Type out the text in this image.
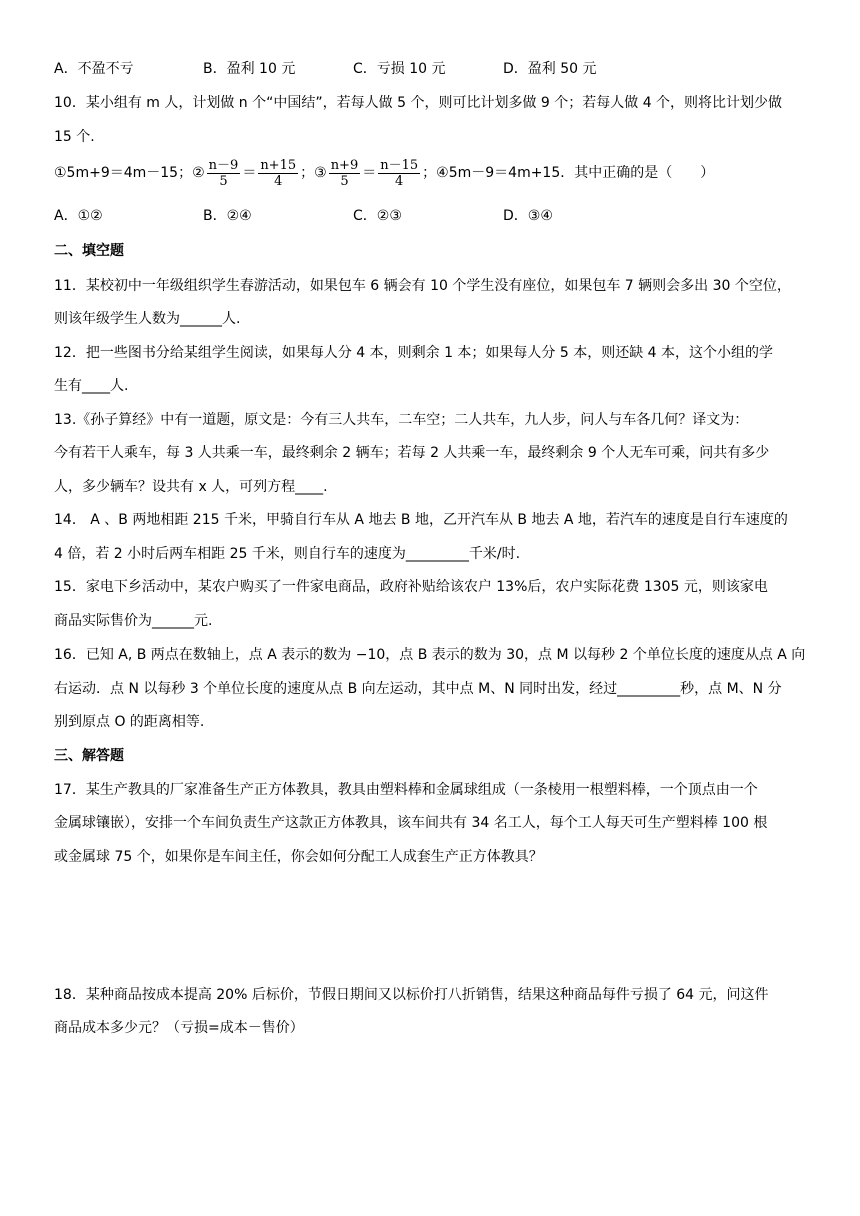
A．不盈不亏	B．盈利 10 元	C．亏损 10 元	D．盈利 50 元
10．某小组有 m 人，计划做 n 个“中国结”，若每人做 5 个，则可比计划多做 9 个；若每人做 4 个，则将比计划少做
15 个.
①5m+9＝4m－15；② $\frac{n-9}{5} = \frac{n+15}{4}$ ；③ $\frac{n+9}{5} = \frac{n-15}{4}$ ；④5m－9＝4m+15．其中正确的是（　　）
A．①②	B．②④	C．②③	D．③④
二、填空题
11．某校初中一年级组织学生春游活动，如果包车 6 辆会有 10 个学生没有座位，如果包车 7 辆则会多出 30 个空位，
则该年级学生人数为______人.
12．把一些图书分给某组学生阅读，如果每人分 4 本，则剩余 1 本；如果每人分 5 本，则还缺 4 本，这个小组的学
生有____人.
13.《孙子算经》中有一道题，原文是：今有三人共车，二车空；二人共车，九人步，问人与车各几何？译文为：
今有若干人乘车，每 3 人共乘一车，最终剩余 2 辆车；若每 2 人共乘一车，最终剩余 9 个人无车可乘，问共有多少
人，多少辆车？设共有 x 人，可列方程____.
14． A 、B 两地相距 215 千米，甲骑自行车从 A 地去 B 地，乙开汽车从 B 地去 A 地，若汽车的速度是自行车速度的
4 倍，若 2 小时后两车相距 25 千米，则自行车的速度为_________千米/时.
15．家电下乡活动中，某农户购买了一件家电商品，政府补贴给该农户 13%后，农户实际花费 1305 元，则该家电
商品实际售价为______元.
16．已知 A, B 两点在数轴上，点 A 表示的数为 −10，点 B 表示的数为 30，点 M 以每秒 2 个单位长度的速度从点 A 向
右运动．点 N 以每秒 3 个单位长度的速度从点 B 向左运动，其中点 M、N 同时出发，经过_________秒，点 M、N 分
别到原点 O 的距离相等.
三、解答题
17．某生产教具的厂家准备生产正方体教具，教具由塑料棒和金属球组成（一条棱用一根塑料棒，一个顶点由一个
金属球镶嵌），安排一个车间负责生产这款正方体教具，该车间共有 34 名工人，每个工人每天可生产塑料棒 100 根
或金属球 75 个，如果你是车间主任，你会如何分配工人成套生产正方体教具？
18．某种商品按成本提高 20% 后标价，节假日期间又以标价打八折销售，结果这种商品每件亏损了 64 元，问这件
商品成本多少元？（亏损=成本－售价）
